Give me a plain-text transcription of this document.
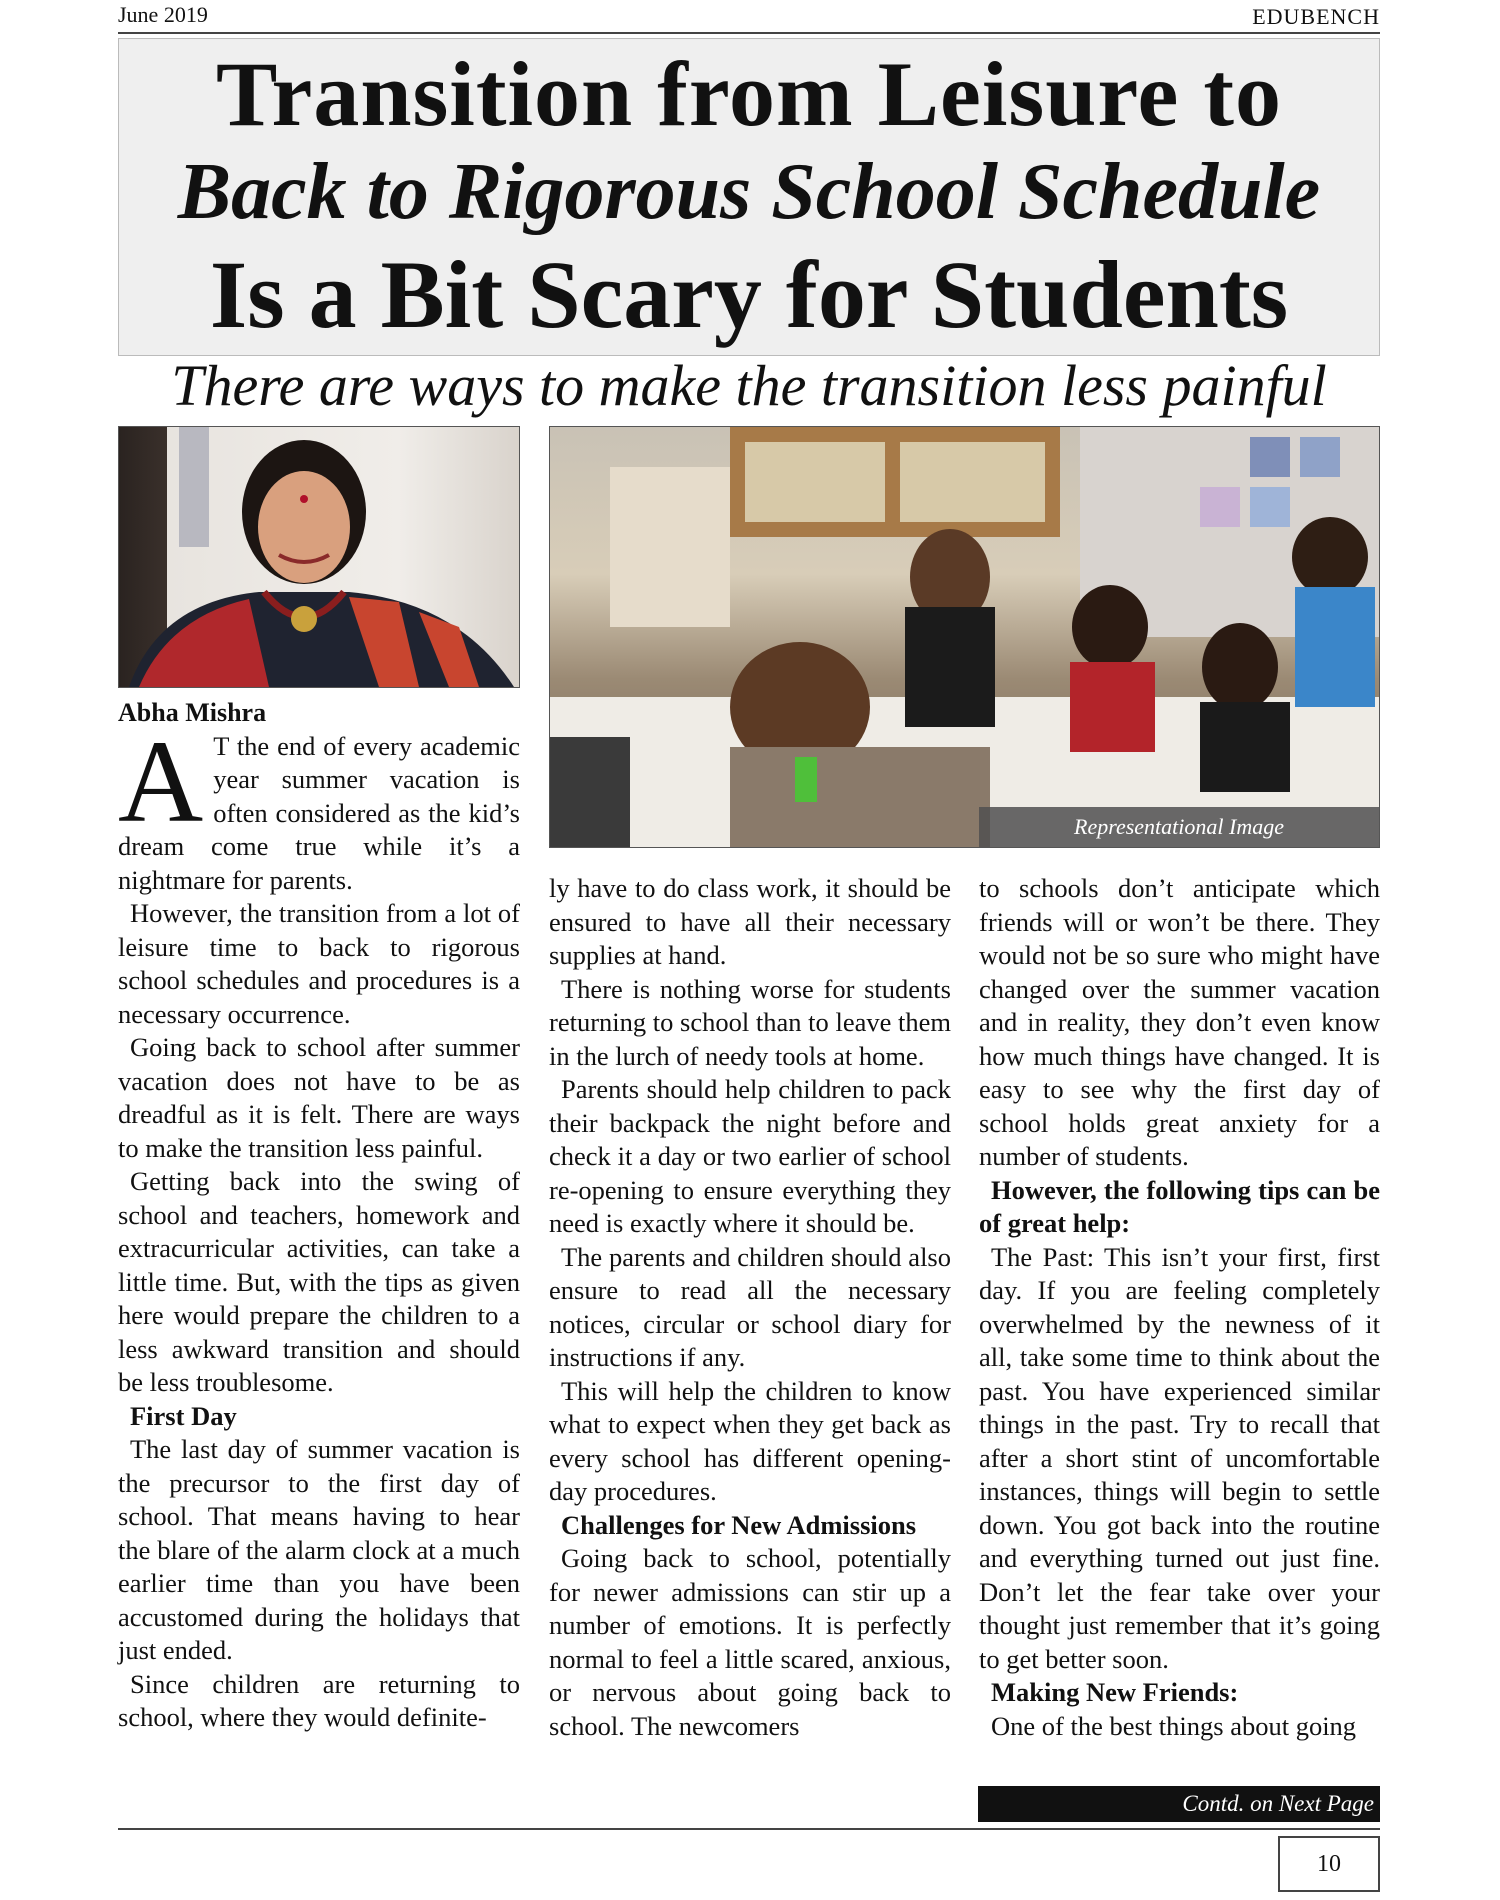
June 2019	EDUBENCH
Transition from Leisure to
Back to Rigorous School Schedule
Is a Bit Scary for Students
There are ways to make the transition less painful
Representational Image
Abha Mishra

A T the end of every academic year summer vacation is often considered as the kid’s dream come true while it’s a nightmare for parents.

However, the transition from a lot of leisure time to back to rigorous school schedules and procedures is a necessary occurrence.

Going back to school after summer vacation does not have to be as dreadful as it is felt. There are ways to make the transition less painful.

Getting back into the swing of school and teachers, homework and extracurricular activities, can take a little time. But, with the tips as given here would prepare the children to a less awkward transition and should be less troublesome.

First Day

The last day of summer vacation is the precursor to the first day of school. That means having to hear the blare of the alarm clock at a much earlier time than you have been accustomed during the holidays that just ended.

Since children are returning to school, where they would definite-

ly have to do class work, it should be ensured to have all their necessary supplies at hand.

There is nothing worse for students returning to school than to leave them in the lurch of needy tools at home.

Parents should help children to pack their backpack the night before and check it a day or two earlier of school re-opening to ensure everything they need is exactly where it should be.

The parents and children should also ensure to read all the necessary notices, circular or school diary for instructions if any.

This will help the children to know what to expect when they get back as every school has different opening-day procedures.

Challenges for New Admissions

Going back to school, potentially for newer admissions can stir up a number of emotions. It is perfectly normal to feel a little scared, anxious, or nervous about going back to school. The newcomers

to schools don’t anticipate which friends will or won’t be there. They would not be so sure who might have changed over the summer vacation and in reality, they don’t even know how much things have changed. It is easy to see why the first day of school holds great anxiety for a number of students.

However, the following tips can be of great help:

The Past: This isn’t your first, first day. If you are feeling completely overwhelmed by the newness of it all, take some time to think about the past. You have experienced similar things in the past. Try to recall that after a short stint of uncomfortable instances, things will begin to settle down. You got back into the routine and everything turned out just fine. Don’t let the fear take over your thought just remember that it’s going to get better soon.

Making New Friends:

One of the best things about going

Contd. on Next Page
10
